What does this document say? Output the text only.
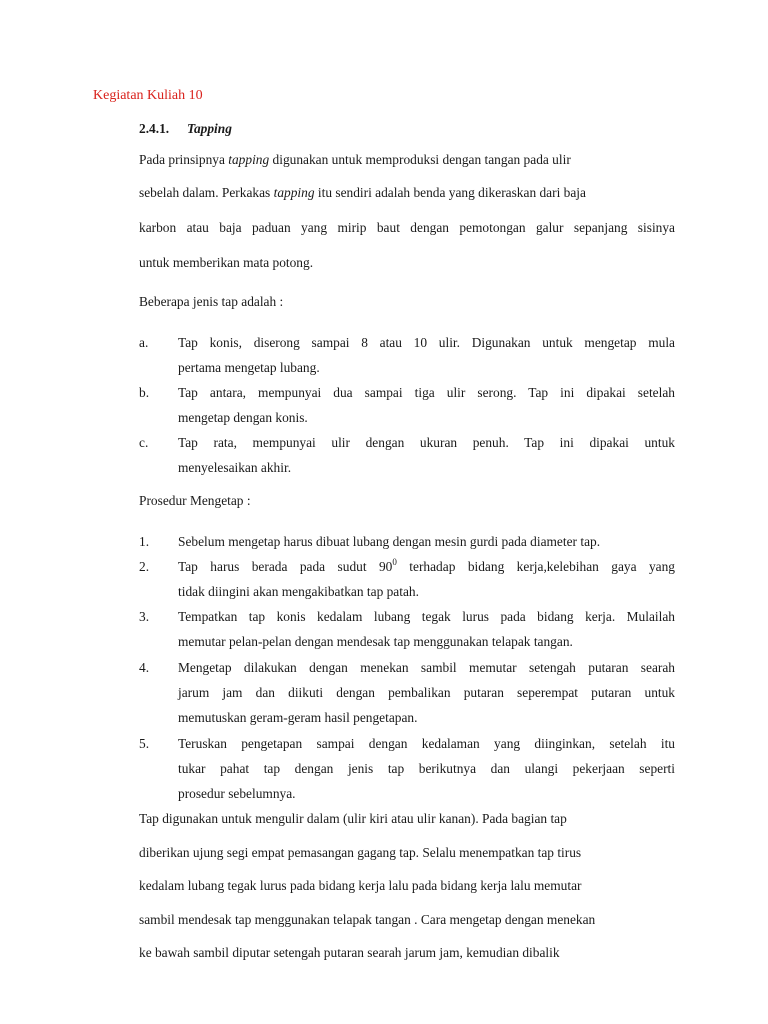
Kegiatan Kuliah 10
2.4.1. Tapping
Pada prinsipnya tapping digunakan untuk memproduksi dengan tangan pada ulir
sebelah dalam. Perkakas tapping itu sendiri adalah benda yang dikeraskan dari baja
karbon atau baja paduan yang mirip baut dengan pemotongan galur sepanjang sisinya
untuk memberikan mata potong.
Beberapa jenis tap adalah :
a. Tap konis, diserong sampai 8 atau 10 ulir. Digunakan untuk mengetap mula
pertama mengetap lubang.
b. Tap antara, mempunyai dua sampai tiga ulir serong. Tap ini dipakai setelah
mengetap dengan konis.
c. Tap rata, mempunyai ulir dengan ukuran penuh. Tap ini dipakai untuk
menyelesaikan akhir.
Prosedur Mengetap :
1. Sebelum mengetap harus dibuat lubang dengan mesin gurdi pada diameter tap.
2. Tap harus berada pada sudut $90^0$ terhadap bidang kerja,kelebihan gaya yang
tidak diingini akan mengakibatkan tap patah.
3. Tempatkan tap konis kedalam lubang tegak lurus pada bidang kerja. Mulailah
memutar pelan-pelan dengan mendesak tap menggunakan telapak tangan.
4. Mengetap dilakukan dengan menekan sambil memutar setengah putaran searah
jarum jam dan diikuti dengan pembalikan putaran seperempat putaran untuk
memutuskan geram-geram hasil pengetapan.
5. Teruskan pengetapan sampai dengan kedalaman yang diinginkan, setelah itu
tukar pahat tap dengan jenis tap berikutnya dan ulangi pekerjaan seperti
prosedur sebelumnya.
Tap digunakan untuk mengulir dalam (ulir kiri atau ulir kanan). Pada bagian tap
diberikan ujung segi empat pemasangan gagang tap. Selalu menempatkan tap tirus
kedalam lubang tegak lurus pada bidang kerja lalu pada bidang kerja lalu memutar
sambil mendesak tap menggunakan telapak tangan . Cara mengetap dengan menekan
ke bawah sambil diputar setengah putaran searah jarum jam, kemudian dibalik
